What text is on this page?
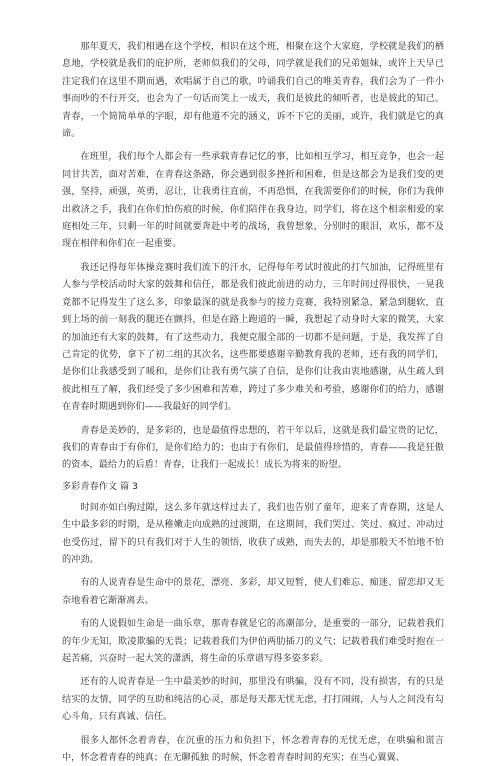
那年夏天，我们相遇在这个学校，相识在这个班，相聚在这个大家庭，学校就是我们的栖息地，学校就是我们的庇护所，老师似我们的父母，同学就是我们的兄弟姐妹，或许上天早已注定我们在这里不期而遇，欢唱属于自己的歌，吟诵我们自己的唯美青春，我们会为了一件小事而吵的不行开交，也会为了一句话而笑上一成天，我们是彼此的倾听者，也是彼此的知己。青春，一个简简单单的字眼，却有他道不完的涵义，诉不下它的美丽，或许，我们就是它的真谛。

在班里，我们每个人都会有一些承载青春记忆的事，比如相互学习，相互竞争，也会一起同甘共苦，面对苦难，在青春这条路，你会遇到很多挫折和困难，但是这都会为是我们变的更强，坚持，顽强，英勇，忍让，让我勇往直前，不再恐惧，在我需要你们的时候，你们为我伸出救济之手，我们在你们怕伤痕的时候，你们陪伴在我身边，同学们，将在这个相亲相爱的家庭相处三年，只剩一年的时间就要奔赴中考的战场，我曾想象，分别时的眼泪，欢乐，都不及现在相伴和你们在一起重要。

我还记得每年体操竞赛时我们流下的汗水，记得每年考试时彼此的打气加油，记得班里有人参与学校活动时大家的鼓舞和信任，都是我们彼此前进的动力，三年时间过得很快，一晃我竟都不记得发生了这么多，印象最深的就是我参与的接力竞赛，我特别紧急，紧急到腿软，直到上场的前一刻我的腿还在颤抖，但是在路上跑道的一瞬，我想起了动身时大家的微笑，大家的加油还有大家的鼓舞，有了这些动力，我便克服全部的一切都不是问题，于是，我发挥了自己肯定的优势，拿下了初二组的其次名，这些都要感谢辛勤教育我的老师，还有我的同学们，是你们让我感受到了暖和，是你们让我有勇气演了自信，是你们让我由衷地感谢，从生疏人到彼此相互了解，我们经受了多少困难和苦难，跨过了多少难关和考验，感谢你们的给力，感谢在青春时期遇到你们——我最好的同学们。

青春是美妙的，是多彩的，也是最值得忠想的，若干年以后，这就是我们最宝贵的记忆，我们的青春由于有你们，是你们给力的；也由于有你们，是最值得珍惜的，青春——我是狂傲的资本，最给力的后盾！青春，让我们一起成长！成长为将来的盼望。

多彩青春作文 篇 3

时间亦如白驹过隙，这么多年就这样过去了，我们也告别了童年，迎来了青春期，这是人生中最多彩的时期，是从稚嫩走向成熟的过渡期，在这期间，我们哭过、笑过、疯过、冲动过也受伤过，留下的只有我们对于人生的领悟，收获了成熟，而失去的，却是那般天不怕地不怕的冲劲。

有的人说青春是生命中的景花，漂亮、多彩，却又短暂，使人们难忘、痴迷、留恋却又无奈地看着它渐渐离去。

有的人说假如生命是一曲乐章，那青春就是它的高潮部分，是重要的一部分，记载着我们的年少无知，欺凌欺骗的无畏；记载着我们为伊伯两肋插刀的义气；记载着我们难受时抱在一起苦痛，兴奋时一起大笑的潇洒，将生命的乐章谱写得多姿多彩。

还有的人说青春是一生中最美妙的时间，那里没有哄骗，没有不同，没有损害，有的只是结实的友情，同学的互助和纯洁的心灵，那是每天都无忧无虑，打打闹闹，人与人之间没有勾心斗角，只有真诚、信任。

很多人都怀念着青春，在沉重的压力和负担下，怀念着青春的无忧无虑，在哄骗和谎言中，怀念着青春的纯真；在无聊孤独 的时候，怀念着青春时间的充实；在当心翼翼、
